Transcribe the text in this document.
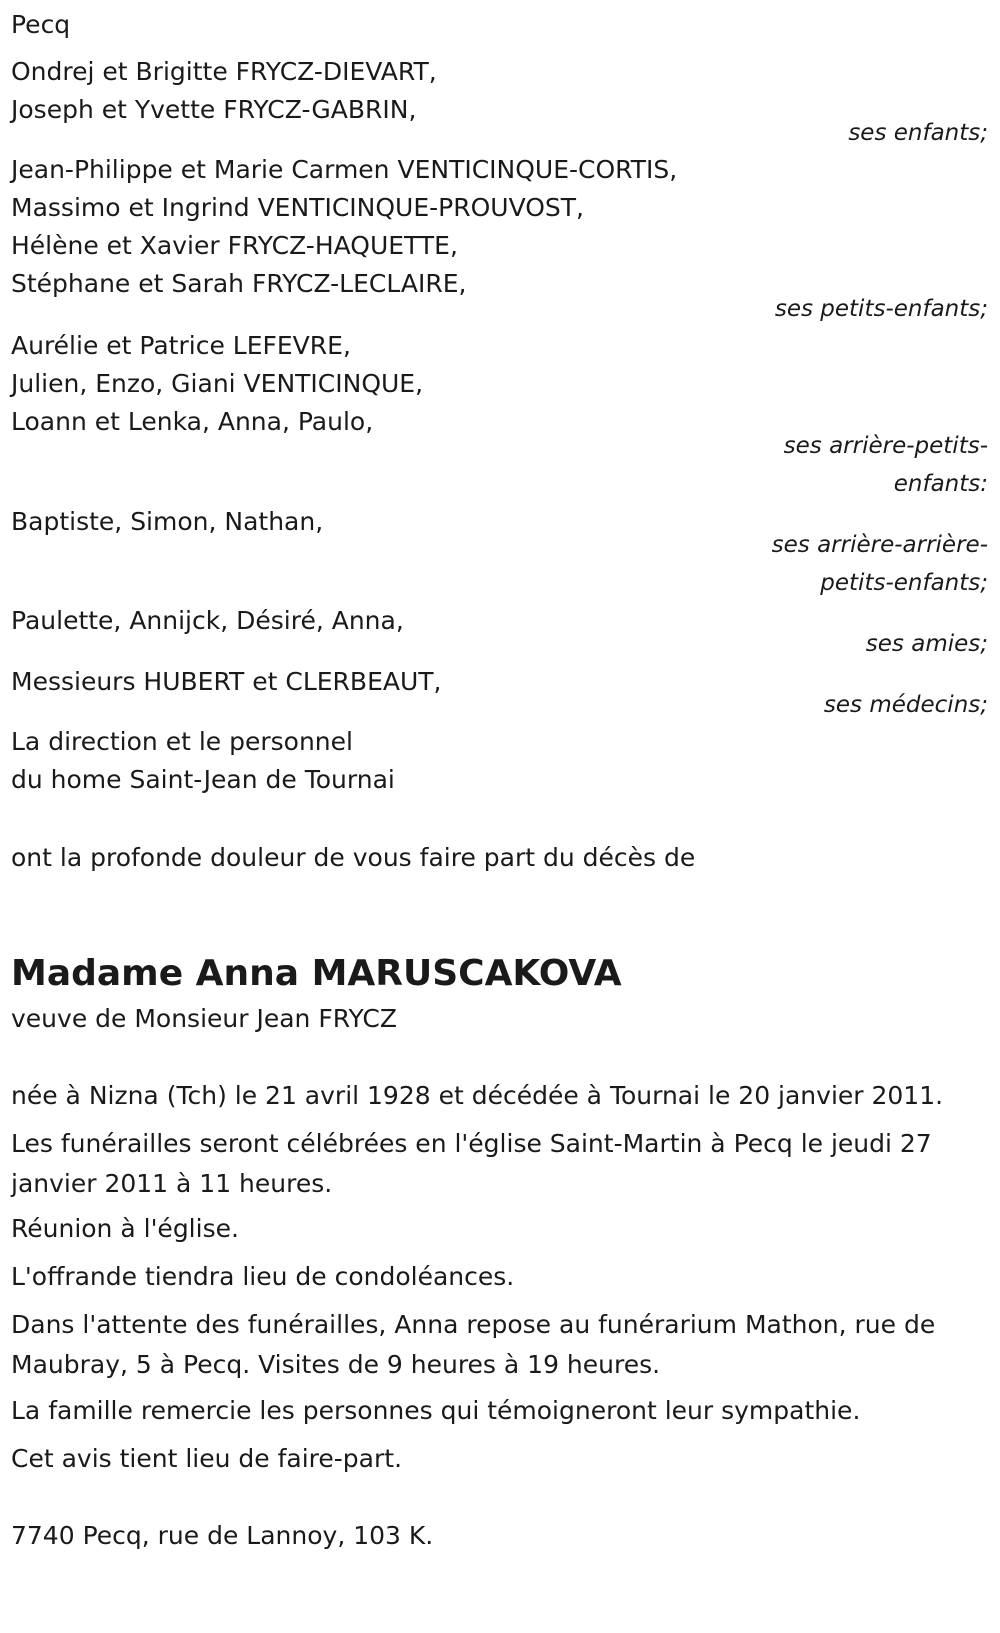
Pecq
Ondrej et Brigitte FRYCZ-DIEVART,
Joseph et Yvette FRYCZ-GABRIN,
ses enfants;
Jean-Philippe et Marie Carmen VENTICINQUE-CORTIS,
Massimo et Ingrind VENTICINQUE-PROUVOST,
Hélène et Xavier FRYCZ-HAQUETTE,
Stéphane et Sarah FRYCZ-LECLAIRE,
ses petits-enfants;
Aurélie et Patrice LEFEVRE,
Julien, Enzo, Giani VENTICINQUE,
Loann et Lenka, Anna, Paulo,
ses arrière-petits-
enfants:
Baptiste, Simon, Nathan,
ses arrière-arrière-
petits-enfants;
Paulette, Annijck, Désiré, Anna,
ses amies;
Messieurs HUBERT et CLERBEAUT,
ses médecins;
La direction et le personnel
du home Saint-Jean de Tournai
ont la profonde douleur de vous faire part du décès de
Madame Anna MARUSCAKOVA
veuve de Monsieur Jean FRYCZ
née à Nizna (Tch) le 21 avril 1928 et décédée à Tournai le 20 janvier 2011.
Les funérailles seront célébrées en l'église Saint-Martin à Pecq le jeudi 27 janvier 2011 à 11 heures.
Réunion à l'église.
L'offrande tiendra lieu de condoléances.
Dans l'attente des funérailles, Anna repose au funérarium Mathon, rue de Maubray, 5 à Pecq. Visites de 9 heures à 19 heures.
La famille remercie les personnes qui témoigneront leur sympathie.
Cet avis tient lieu de faire-part.
7740 Pecq, rue de Lannoy, 103 K.
